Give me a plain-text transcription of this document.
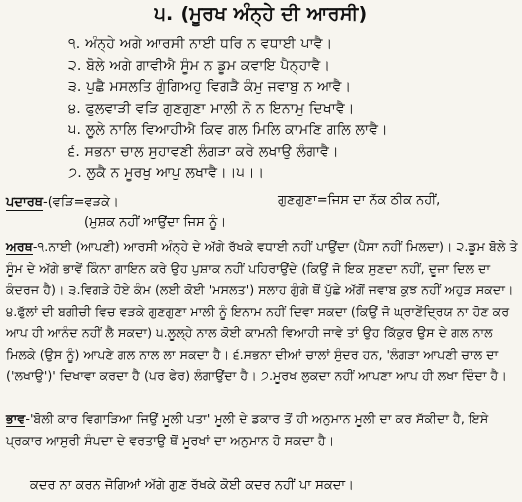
੫. (ਮੂਰਖ ਅੰਨ੍ਹੇ ਦੀ ਆਰਸੀ)
੧. ਅੰਨ੍ਹੇ ਅਗੇ ਆਰਸੀ ਨਾਈ ਧਰਿ ਨ ਵਧਾਈ ਪਾਵੈ।
੨. ਬੋਲੇ ਅਗੇ ਗਾਵੀਐ ਸੂੰਮ ਨ ਡੂਮ ਕਵਾਇ ਪੈਨ੍ਹਾਵੈ।
੩. ਪੁਛੈ ਮਸਲਤਿ ਗੁੰਗਿਅਹੁ ਵਿਗੜੈ ਕੰਮੁ ਜਵਾਬੁ ਨ ਆਵੈ।
੪. ਫੁਲਵਾੜੀ ਵੜਿ ਗੁਣਗੁਣਾ ਮਾਲੀ ਨੋ ਨ ਇਨਾਮੁ ਦਿਖਾਵੈ।
੫. ਲੂਲੇ ਨਾਲਿ ਵਿਆਹੀਐ ਕਿਵ ਗਲ ਮਿਲਿ ਕਾਮਣਿ ਗਲਿ ਲਾਵੈ।
੬. ਸਭਨਾ ਚਾਲ ਸੁਹਾਵਣੀ ਲੰਗੜਾ ਕਰੇ ਲਖਾਉ ਲੰਗਾਵੈ।
੭. ਲੁਕੈ ਨ ਮੂਰਖੁ ਆਪੁ ਲਖਾਵੈ।।੫।।
ਪਦਾਰਥ-(ਵੜਿ=ਵੜਕੇ।	ਗੁਣਗੁਣਾ=ਜਿਸ ਦਾ ਨੱਕ ਠੀਕ ਨਹੀਂ,
(ਮੁਸ਼ਕ ਨਹੀਂ ਆਉਂਦਾ ਜਿਸ ਨੂੰ।
ਅਰਥ-੧.ਨਾਈ (ਆਪਣੀ) ਆਰਸੀ ਅੰਨ੍ਹੇ ਦੇ ਅੱਗੇ ਰੱਖਕੇ ਵਧਾਈ ਨਹੀਂ ਪਾਉਂਦਾ (ਪੈਸਾ ਨਹੀਂ ਮਿਲਦਾ)। ੨.ਡੂਮ ਬੋਲੇ ਤੇ ਸੂੰਮ ਦੇ ਅੱਗੇ ਭਾਵੇਂ ਕਿੰਨਾ ਗਾਇਨ ਕਰੇ ਉਹ ਪੁਸ਼ਾਕ ਨਹੀਂ ਪਹਿਰਾਉਂਦੇ (ਕਿਉਂ ਜੋ ਇਕ ਸੁਣਦਾ ਨਹੀਂ, ਦੂਜਾ ਦਿਲ ਦਾ ਕੰਦਰਜ ਹੈ)। ੩.ਵਿਗੜੇ ਹੋਏ ਕੰਮ (ਲਈ ਕੋਈ 'ਮਸਲਤ') ਸਲਾਹ ਗੁੰਗੇ ਥੋਂ ਪੁੱਛੇ ਅੱਗੋਂ ਜਵਾਬ ਕੁਝ ਨਹੀਂ ਅਹੁੜ ਸਕਦਾ। ੪.ਫੁੱਲਾਂ ਦੀ ਬਗੀਚੀ ਵਿਚ ਵੜਕੇ ਗੁਣਗੁਣਾ ਮਾਲੀ ਨੂੰ ਇਨਾਮ ਨਹੀਂ ਦਿਵਾ ਸਕਦਾ (ਕਿਉਂ ਜੋ ਘ੍ਰਾਣੇਂਦ੍ਰਿਯ ਨਾ ਹੋਣ ਕਰ ਆਪ ਹੀ ਆਨੰਦ ਨਹੀਂ ਲੈ ਸਕਦਾ) ੫.ਲੂਲ੍ਹੇ ਨਾਲ ਕੋਈ ਕਾਮਨੀ ਵਿਆਹੀ ਜਾਵੇ ਤਾਂ ਉਹ ਕਿੱਕੁਰ ਉਸ ਦੇ ਗਲ ਨਾਲ ਮਿਲਕੇ (ਉਸ ਨੂੰ) ਆਪਣੇ ਗਲ ਨਾਲ ਲਾ ਸਕਦਾ ਹੈ। ੬.ਸਭਨਾ ਦੀਆਂ ਚਾਲਾਂ ਸੁੰਦਰ ਹਨ, 'ਲੰਗੜਾ ਆਪਣੀ ਚਾਲ ਦਾ ('ਲਖਾਉ')' ਦਿਖਾਵਾ ਕਰਦਾ ਹੈ (ਪਰ ਫੇਰ) ਲੰਗਾਉਂਦਾ ਹੈ। ੭.ਮੂਰਖ ਲੁਕਦਾ ਨਹੀਂ ਆਪਣਾ ਆਪ ਹੀ ਲਖਾ ਦਿੰਦਾ ਹੈ।
ਭਾਵ-'ਬੋਲੀ ਕਾਰ ਵਿਗਾੜਿਆ ਜਿਉਂ ਮੂਲੀ ਪਤਾ' ਮੂਲੀ ਦੇ ਡਕਾਰ ਤੋਂ ਹੀ ਅਨੁਮਾਨ ਮੂਲੀ ਦਾ ਕਰ ਸੱਕੀਦਾ ਹੈ, ਇਸੇ ਪ੍ਰਕਾਰ ਆਸੁਰੀ ਸੰਪਦਾ ਦੇ ਵਰਤਾਉ ਥੋਂ ਮੂਰਖਾਂ ਦਾ ਅਨੁਮਾਨ ਹੋ ਸਕਦਾ ਹੈ।
ਕਦਰ ਨਾ ਕਰਨ ਜੋਗਿਆਂ ਅੱਗੇ ਗੁਣ ਰੱਖਕੇ ਕੋਈ ਕਦਰ ਨਹੀਂ ਪਾ ਸਕਦਾ।
